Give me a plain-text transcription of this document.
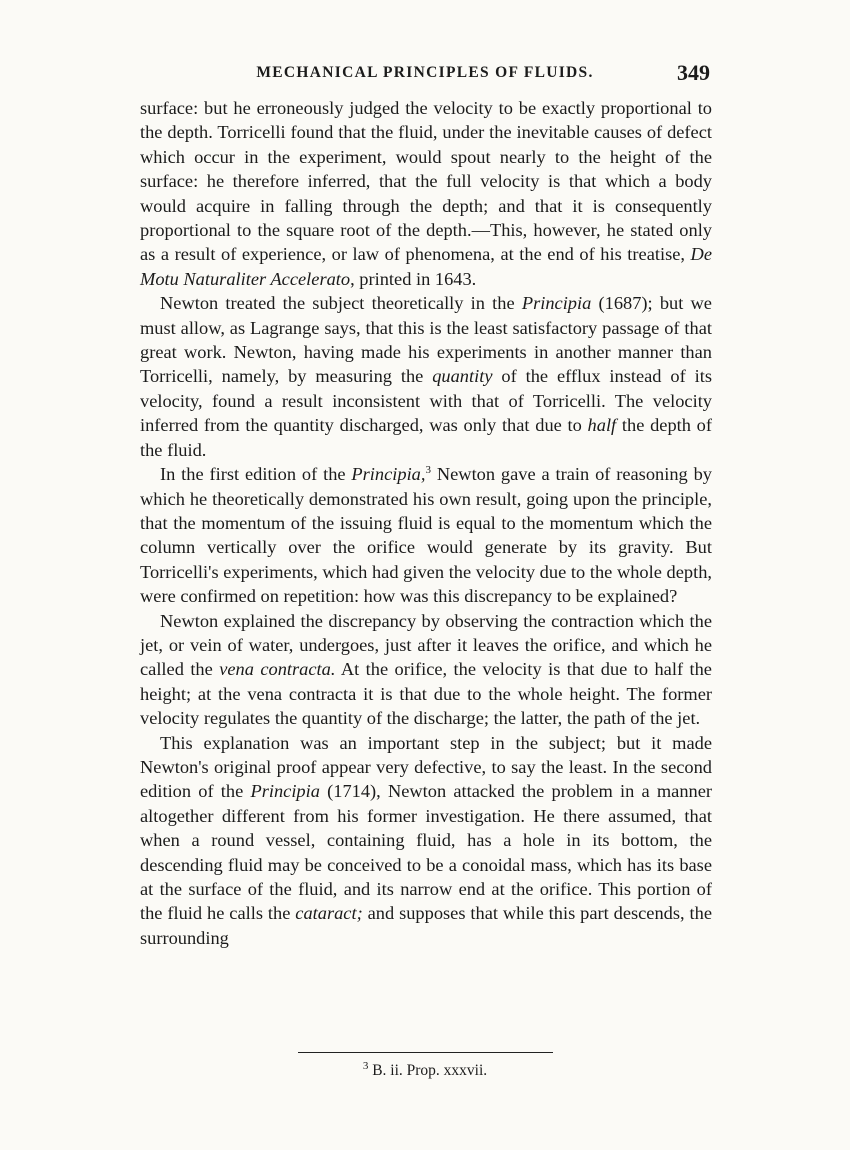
MECHANICAL PRINCIPLES OF FLUIDS.	349

surface: but he erroneously judged the velocity to be exactly proportional to the depth. Torricelli found that the fluid, under the inevitable causes of defect which occur in the experiment, would spout nearly to the height of the surface: he therefore inferred, that the full velocity is that which a body would acquire in falling through the depth; and that it is consequently proportional to the square root of the depth.—This, however, he stated only as a result of experience, or law of phenomena, at the end of his treatise, De Motu Naturaliter Accelerato, printed in 1643.

Newton treated the subject theoretically in the Principia (1687); but we must allow, as Lagrange says, that this is the least satisfactory passage of that great work. Newton, having made his experiments in another manner than Torricelli, namely, by measuring the quantity of the efflux instead of its velocity, found a result inconsistent with that of Torricelli. The velocity inferred from the quantity discharged, was only that due to half the depth of the fluid.

In the first edition of the Principia,$^3$ Newton gave a train of reasoning by which he theoretically demonstrated his own result, going upon the principle, that the momentum of the issuing fluid is equal to the momentum which the column vertically over the orifice would generate by its gravity. But Torricelli's experiments, which had given the velocity due to the whole depth, were confirmed on repetition: how was this discrepancy to be explained?

Newton explained the discrepancy by observing the contraction which the jet, or vein of water, undergoes, just after it leaves the orifice, and which he called the vena contracta. At the orifice, the velocity is that due to half the height; at the vena contracta it is that due to the whole height. The former velocity regulates the quantity of the discharge; the latter, the path of the jet.

This explanation was an important step in the subject; but it made Newton's original proof appear very defective, to say the least. In the second edition of the Principia (1714), Newton attacked the problem in a manner altogether different from his former investigation. He there assumed, that when a round vessel, containing fluid, has a hole in its bottom, the descending fluid may be conceived to be a conoidal mass, which has its base at the surface of the fluid, and its narrow end at the orifice. This portion of the fluid he calls the cataract; and supposes that while this part descends, the surrounding

$^3$ B. ii. Prop. xxxvii.
